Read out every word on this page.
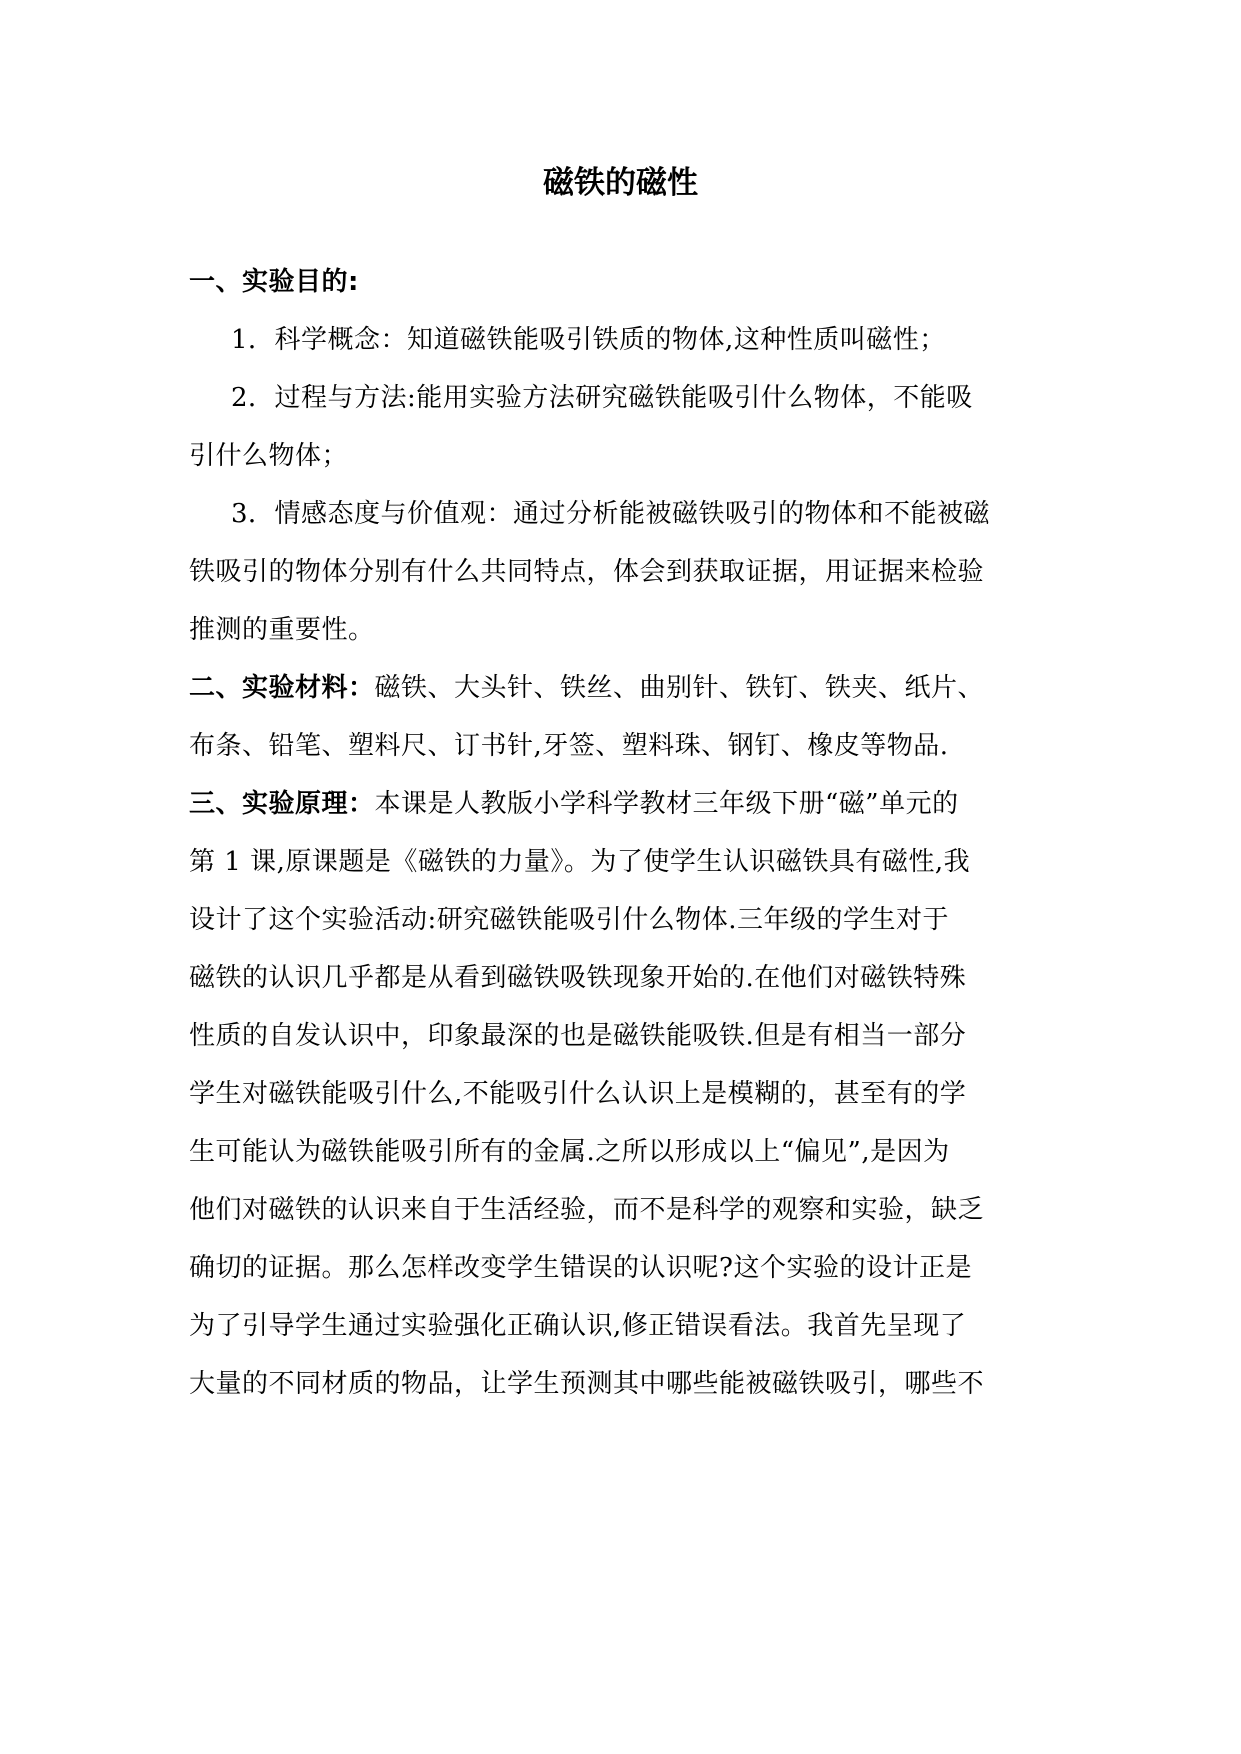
磁铁的磁性
一、实验目的:
1．科学概念：知道磁铁能吸引铁质的物体,这种性质叫磁性；
2．过程与方法:能用实验方法研究磁铁能吸引什么物体，不能吸
引什么物体；
3．情感态度与价值观：通过分析能被磁铁吸引的物体和不能被磁
铁吸引的物体分别有什么共同特点，体会到获取证据，用证据来检验
推测的重要性。
二、实验材料：磁铁、大头针、铁丝、曲别针、铁钉、铁夹、纸片、
布条、铅笔、塑料尺、订书针,牙签、塑料珠、钢钉、橡皮等物品.
三、实验原理：本课是人教版小学科学教材三年级下册“磁”单元的
第 1 课,原课题是《磁铁的力量》。为了使学生认识磁铁具有磁性,我
设计了这个实验活动:研究磁铁能吸引什么物体.三年级的学生对于
磁铁的认识几乎都是从看到磁铁吸铁现象开始的.在他们对磁铁特殊
性质的自发认识中，印象最深的也是磁铁能吸铁.但是有相当一部分
学生对磁铁能吸引什么,不能吸引什么认识上是模糊的，甚至有的学
生可能认为磁铁能吸引所有的金属.之所以形成以上“偏见”,是因为
他们对磁铁的认识来自于生活经验，而不是科学的观察和实验，缺乏
确切的证据。那么怎样改变学生错误的认识呢?这个实验的设计正是
为了引导学生通过实验强化正确认识,修正错误看法。我首先呈现了
大量的不同材质的物品，让学生预测其中哪些能被磁铁吸引，哪些不
